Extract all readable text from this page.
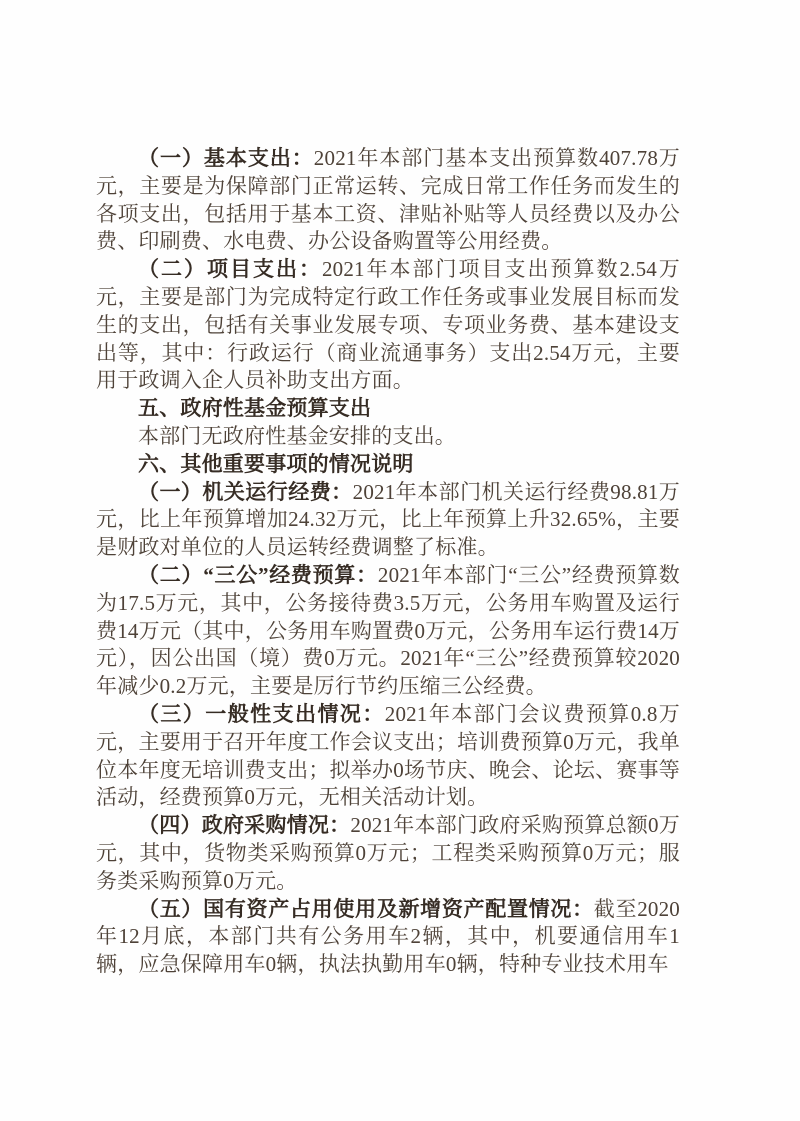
（一）基本支出：2021年本部门基本支出预算数407.78万元，主要是为保障部门正常运转、完成日常工作任务而发生的各项支出，包括用于基本工资、津贴补贴等人员经费以及办公费、印刷费、水电费、办公设备购置等公用经费。

（二）项目支出：2021年本部门项目支出预算数2.54万元，主要是部门为完成特定行政工作任务或事业发展目标而发生的支出，包括有关事业发展专项、专项业务费、基本建设支出等，其中：行政运行（商业流通事务）支出2.54万元，主要用于政调入企人员补助支出方面。

五、政府性基金预算支出

本部门无政府性基金安排的支出。

六、其他重要事项的情况说明

（一）机关运行经费：2021年本部门机关运行经费98.81万元，比上年预算增加24.32万元，比上年预算上升32.65%，主要是财政对单位的人员运转经费调整了标准。

（二）“三公”经费预算：2021年本部门“三公”经费预算数为17.5万元，其中，公务接待费3.5万元，公务用车购置及运行费14万元（其中，公务用车购置费0万元，公务用车运行费14万元），因公出国（境）费0万元。2021年“三公”经费预算较2020年减少0.2万元，主要是厉行节约压缩三公经费。

（三）一般性支出情况：2021年本部门会议费预算0.8万元，主要用于召开年度工作会议支出；培训费预算0万元，我单位本年度无培训费支出；拟举办0场节庆、晚会、论坛、赛事等活动，经费预算0万元，无相关活动计划。

（四）政府采购情况：2021年本部门政府采购预算总额0万元，其中，货物类采购预算0万元；工程类采购预算0万元；服务类采购预算0万元。

（五）国有资产占用使用及新增资产配置情况：截至2020年12月底，本部门共有公务用车2辆，其中，机要通信用车1辆，应急保障用车0辆，执法执勤用车0辆，特种专业技术用车
